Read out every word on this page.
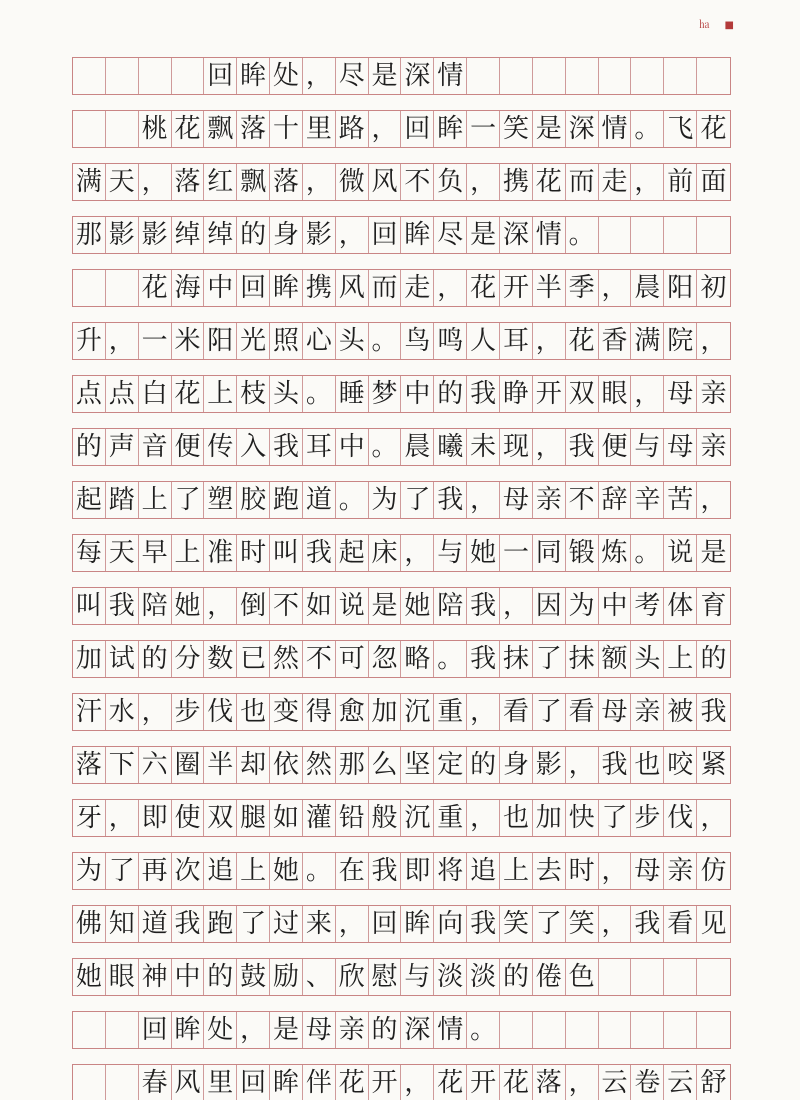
㏊ ■
回 眸 处 ， 尽 是 深 情
桃 花 飘 落 十 里 路 ， 回 眸 一 笑 是 深 情 。 飞 花
满 天 ， 落 红 飘 落 ， 微 风 不 负 ， 携 花 而 走 ， 前 面
那 影 影 绰 绰 的 身 影 ， 回 眸 尽 是 深 情 。
花 海 中 回 眸 携 风 而 走 ， 花 开 半 季 ， 晨 阳 初
升 ， 一 米 阳 光 照 心 头 。 鸟 鸣 人 耳 ， 花 香 满 院 ，
点 点 白 花 上 枝 头 。 睡 梦 中 的 我 睁 开 双 眼 ， 母 亲
的 声 音 便 传 入 我 耳 中 。 晨 曦 未 现 ， 我 便 与 母 亲
起 踏 上 了 塑 胶 跑 道 。 为 了 我 ， 母 亲 不 辞 辛 苦 ，
每 天 早 上 准 时 叫 我 起 床 ， 与 她 一 同 锻 炼 。 说 是
叫 我 陪 她 ， 倒 不 如 说 是 她 陪 我 ， 因 为 中 考 体 育
加 试 的 分 数 已 然 不 可 忽 略 。 我 抹 了 抹 额 头 上 的
汗 水 ， 步 伐 也 变 得 愈 加 沉 重 ， 看 了 看 母 亲 被 我
落 下 六 圈 半 却 依 然 那 么 坚 定 的 身 影 ， 我 也 咬 紧
牙 ， 即 使 双 腿 如 灌 铅 般 沉 重 ， 也 加 快 了 步 伐 ，
为 了 再 次 追 上 她 。 在 我 即 将 追 上 去 时 ， 母 亲 仿
佛 知 道 我 跑 了 过 来 ， 回 眸 向 我 笑 了 笑 ， 我 看 见
她 眼 神 中 的 鼓 励 、 欣 慰 与 淡 淡 的 倦 色
回 眸 处 ， 是 母 亲 的 深 情 。
春 风 里 回 眸 伴 花 开 ， 花 开 花 落 ， 云 卷 云 舒
